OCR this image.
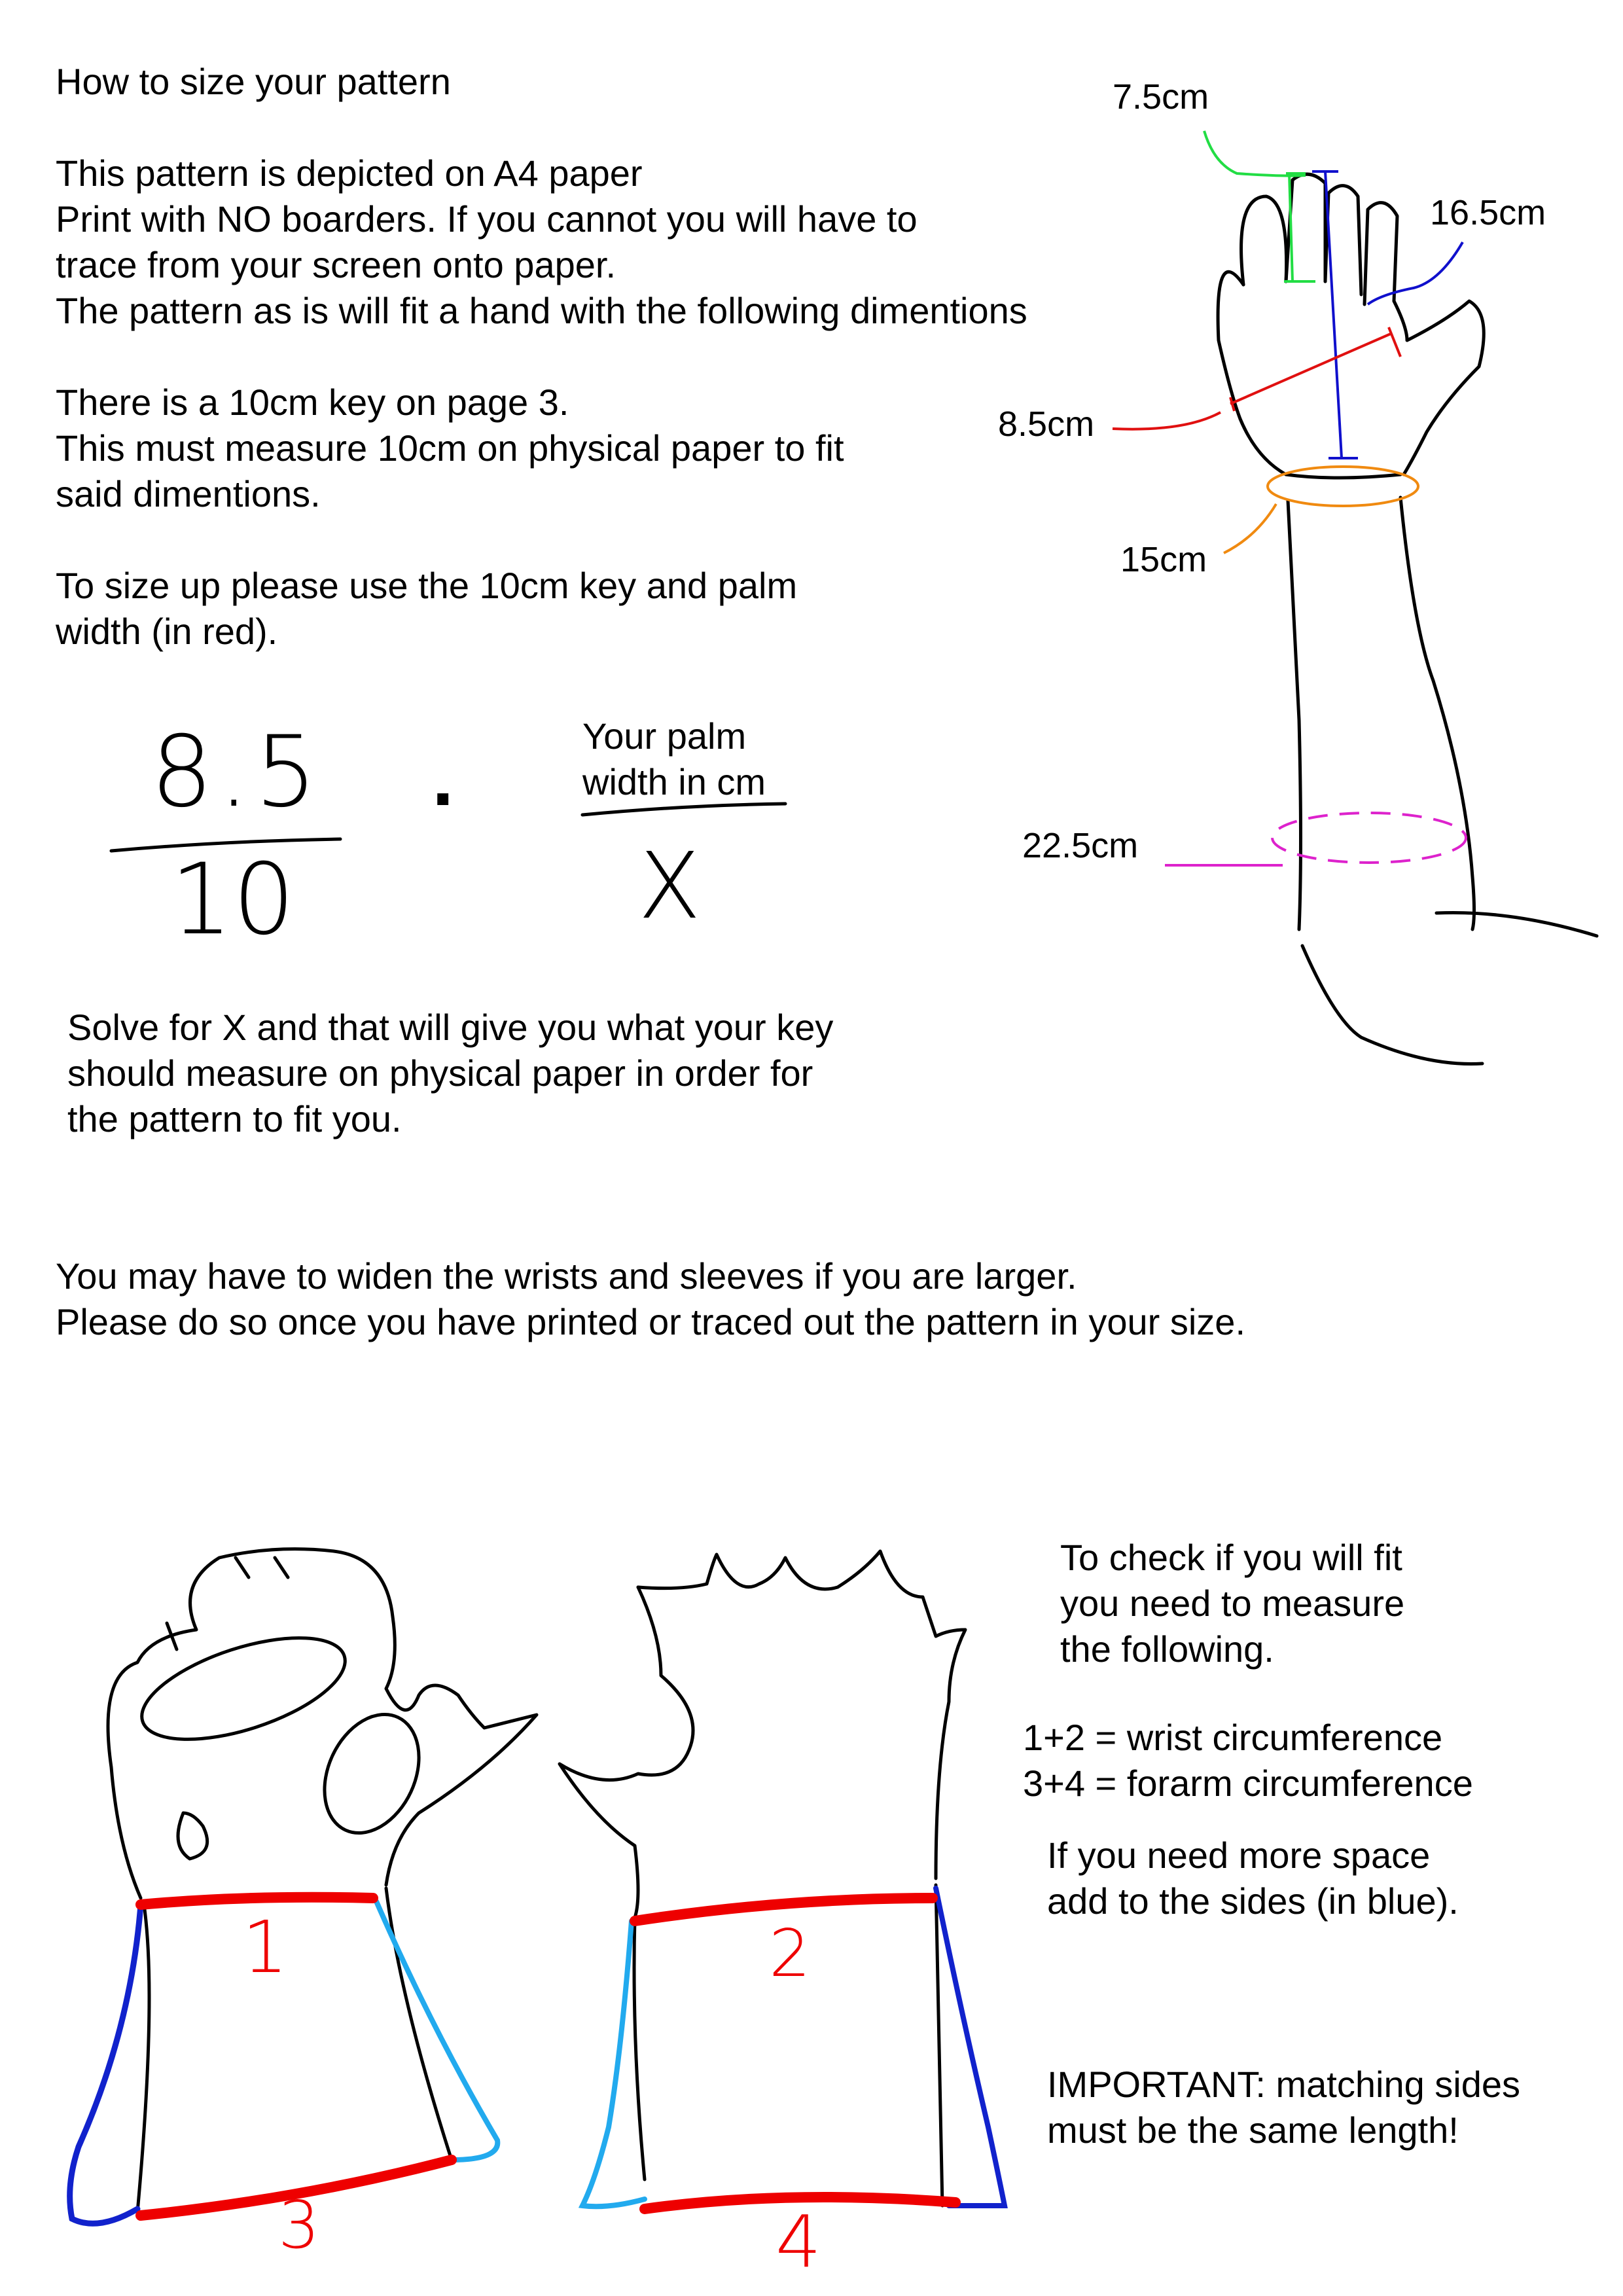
How to size your pattern
This pattern is depicted on A4 paper
Print with NO boarders. If you cannot you will have to
trace from your screen onto paper.
The pattern as is will fit a hand with the following dimentions
There is a 10cm key on page 3.
This must measure 10cm on physical paper to fit
said dimentions.
To size up please use the 10cm key and palm
width (in red).
8.5
10
·
Your palm
width in cm
X
Solve for X and that will give you what your key
should measure on physical paper in order for
the pattern to fit you.
You may have to widen the wrists and sleeves if you are larger.
Please do so once you have printed or traced out the pattern in your size.
7.5cm
16.5cm
8.5cm
15cm
22.5cm
To check if you will fit
you need to measure
the following.
1+2 = wrist circumference
3+4 = forarm circumference
If you need more space
add to the sides (in blue).
IMPORTANT: matching sides
must be the same length!
1	2
3	4
